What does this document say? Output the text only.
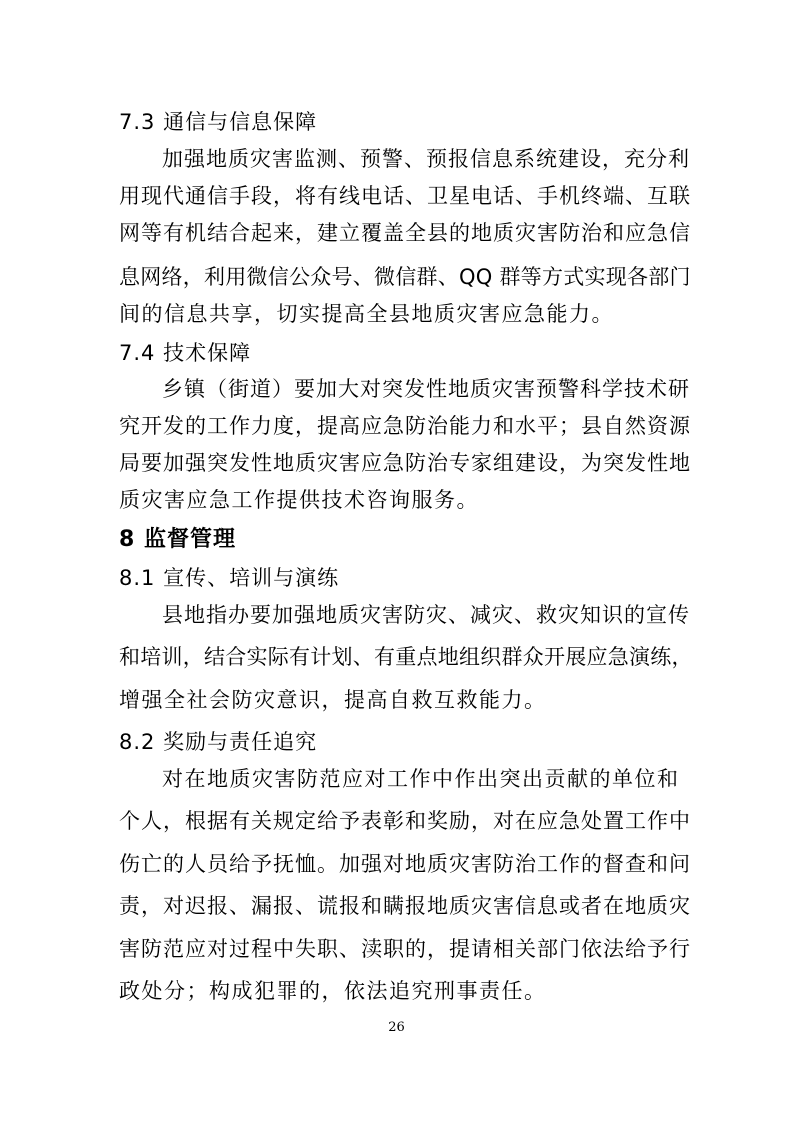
7.3 通信与信息保障
加强地质灾害监测、预警、预报信息系统建设，充分利
用现代通信手段，将有线电话、卫星电话、手机终端、互联
网等有机结合起来，建立覆盖全县的地质灾害防治和应急信
息网络，利用微信公众号、微信群、QQ 群等方式实现各部门
间的信息共享，切实提高全县地质灾害应急能力。
7.4 技术保障
乡镇（街道）要加大对突发性地质灾害预警科学技术研
究开发的工作力度，提高应急防治能力和水平；县自然资源
局要加强突发性地质灾害应急防治专家组建设，为突发性地
质灾害应急工作提供技术咨询服务。
8 监督管理
8.1 宣传、培训与演练
县地指办要加强地质灾害防灾、减灾、救灾知识的宣传
和培训，结合实际有计划、有重点地组织群众开展应急演练，
增强全社会防灾意识，提高自救互救能力。
8.2 奖励与责任追究
对在地质灾害防范应对工作中作出突出贡献的单位和
个人，根据有关规定给予表彰和奖励，对在应急处置工作中
伤亡的人员给予抚恤。加强对地质灾害防治工作的督查和问
责，对迟报、漏报、谎报和瞒报地质灾害信息或者在地质灾
害防范应对过程中失职、渎职的，提请相关部门依法给予行
政处分；构成犯罪的，依法追究刑事责任。
26
